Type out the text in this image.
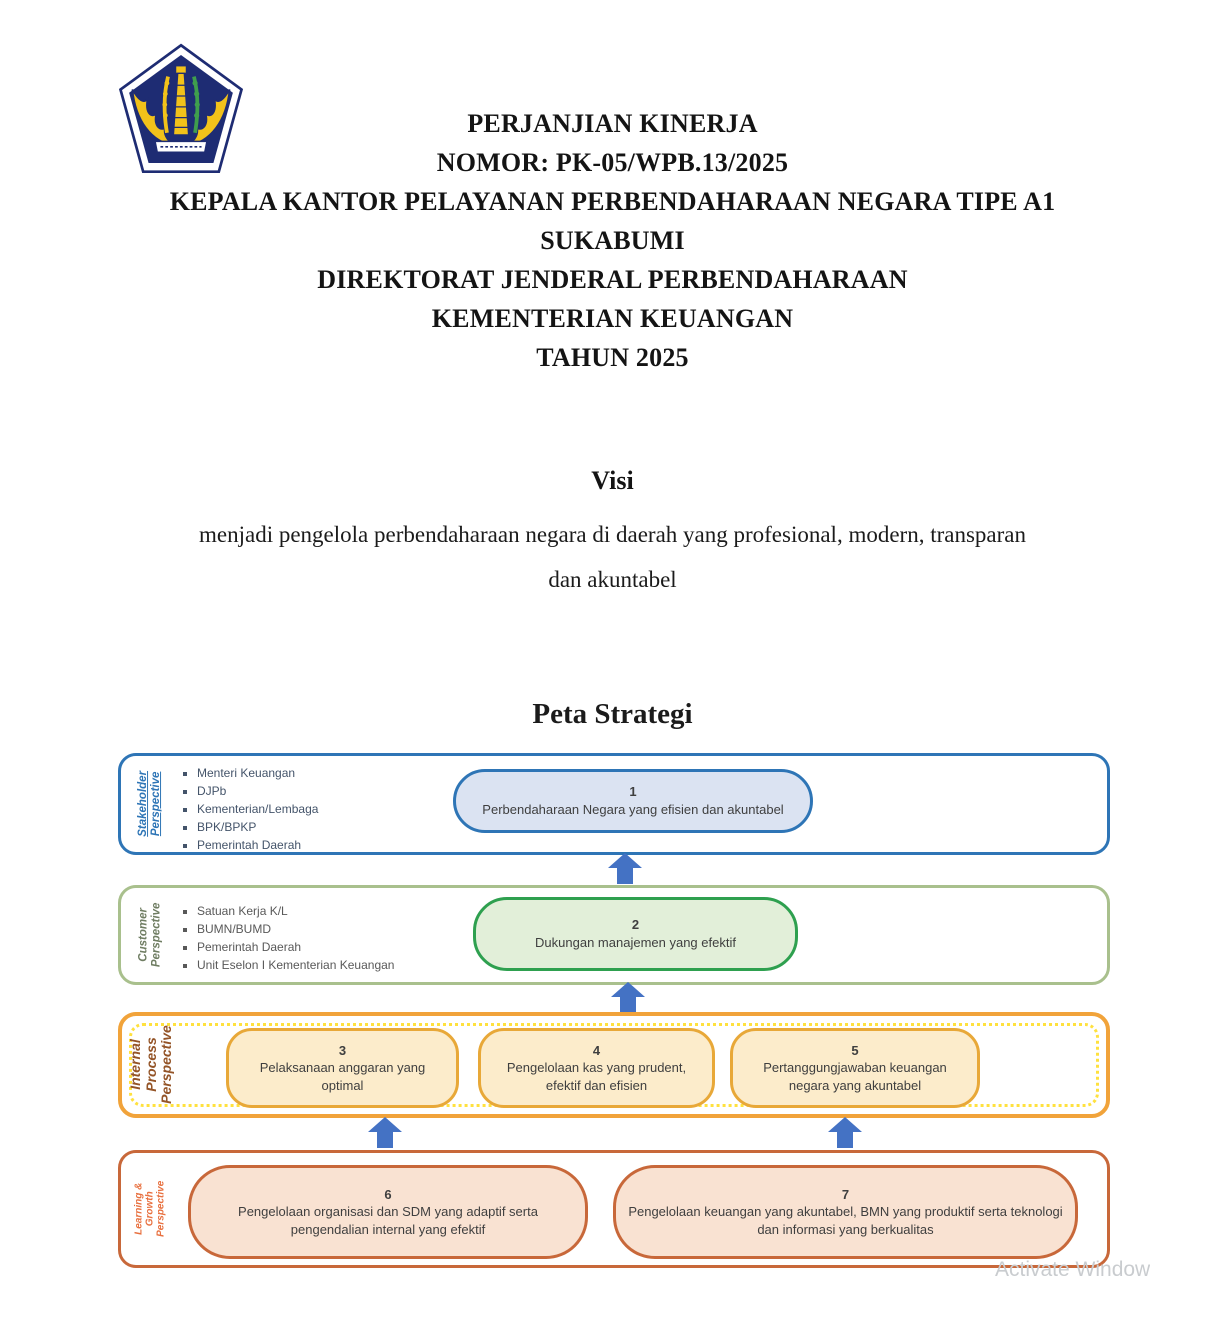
PERJANJIAN KINERJA
NOMOR: PK-05/WPB.13/2025
KEPALA KANTOR PELAYANAN PERBENDAHARAAN NEGARA TIPE A1
SUKABUMI
DIREKTORAT JENDERAL PERBENDAHARAAN
KEMENTERIAN KEUANGAN
TAHUN 2025
Visi
menjadi pengelola perbendaharaan negara di daerah yang profesional, modern, transparan
dan akuntabel
Peta Strategi
Stakeholder Perspective	▪ Menteri Keuangan
▪ DJPb
▪ Kementerian/Lembaga
▪ BPK/BPKP
▪ Pemerintah Daerah
1
Perbendaharaan Negara yang efisien dan akuntabel
Customer Perspective	▪ Satuan Kerja K/L
▪ BUMN/BUMD
▪ Pemerintah Daerah
▪ Unit Eselon I Kementerian Keuangan
2
Dukungan manajemen yang efektif
Internal Process Perspective	3
Pelaksanaan anggaran yang optimal
4
Pengelolaan kas yang prudent, efektif dan efisien
5
Pertanggungjawaban keuangan negara yang akuntabel
Learning & Growth Perspective	6
Pengelolaan organisasi dan SDM yang adaptif serta pengendalian internal yang efektif
7
Pengelolaan keuangan yang akuntabel, BMN yang produktif serta teknologi dan informasi yang berkualitas
Activate Window
